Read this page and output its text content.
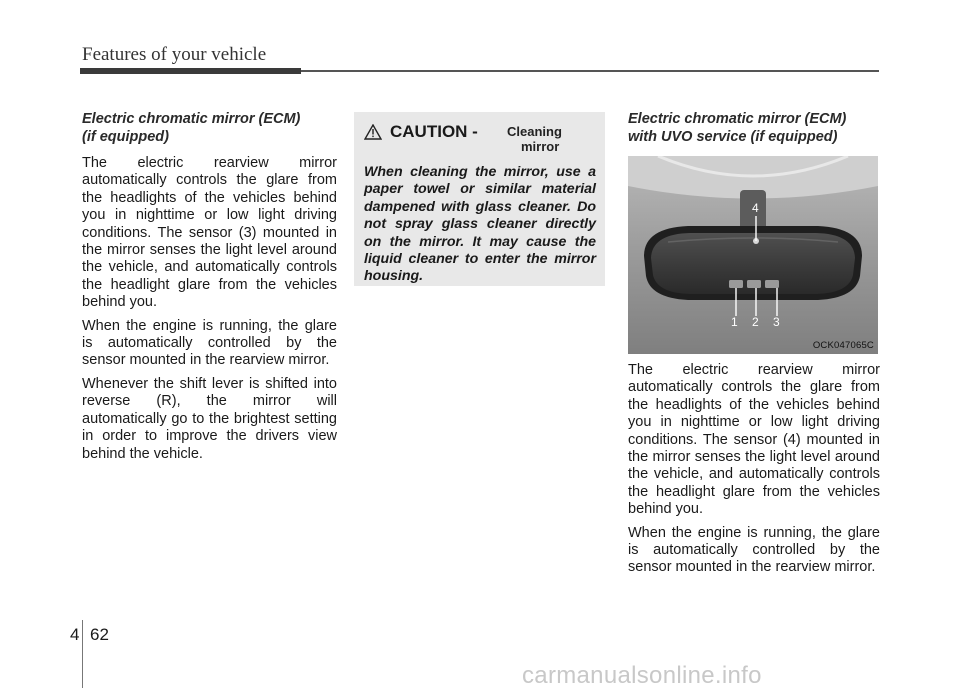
Features of your vehicle
Electric chromatic mirror (ECM)
(if equipped)

The electric rearview mirror automatically controls the glare from the headlights of the vehicles behind you in nighttime or low light driving conditions. The sensor (3) mounted in the mirror senses the light level around the vehicle, and automatically controls the headlight glare from the vehicles behind you.

When the engine is running, the glare is automatically controlled by the sensor mounted in the rearview mirror.

Whenever the shift lever is shifted into reverse (R), the mirror will automatically go to the brightest setting in order to improve the drivers view behind the vehicle.

CAUTION - Cleaning
mirror
When cleaning the mirror, use a paper towel or similar material dampened with glass cleaner. Do not spray glass cleaner directly on the mirror. It may cause the liquid cleaner to enter the mirror housing.
Electric chromatic mirror (ECM)
with UVO service (if equipped)
1 2 3
4
OCK047065C

The electric rearview mirror automatically controls the glare from the headlights of the vehicles behind you in nighttime or low light driving conditions. The sensor (4) mounted in the mirror senses the light level around the vehicle, and automatically controls the headlight glare from the vehicles behind you.

When the engine is running, the glare is automatically controlled by the sensor mounted in the rearview mirror.

4 62
carmanualsonline.info
